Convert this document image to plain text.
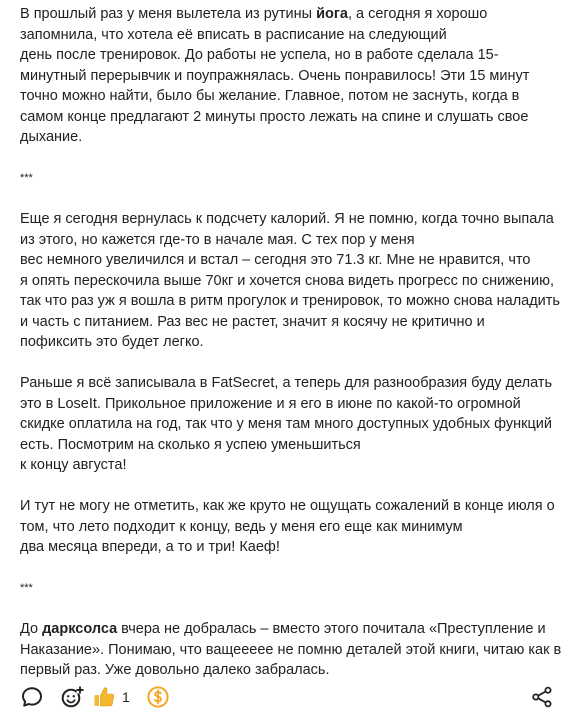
В прошлый раз у меня вылетела из рутины йога, а сегодня я хорошо
запомнила, что хотела её вписать в расписание на следующий
день после тренировок. До работы не успела, но в работе сделала 15-
минутный перерывчик и поупражнялась. Очень понравилось! Эти 15 минут
точно можно найти, было бы желание. Главное, потом не заснуть, когда в
самом конце предлагают 2 минуты просто лежать на спине и слушать свое
дыхание.

***

Еще я сегодня вернулась к подсчету калорий. Я не помню, когда точно выпала
из этого, но кажется где-то в начале мая. С тех пор у меня
вес немного увеличился и встал – сегодня это 71.3 кг. Мне не нравится, что
я опять перескочила выше 70кг и хочется снова видеть прогресс по снижению,
так что раз уж я вошла в ритм прогулок и тренировок, то можно снова наладить
и часть с питанием. Раз вес не растет, значит я косячу не критично и
пофиксить это будет легко.

Раньше я всё записывала в FatSecret, а теперь для разнообразия буду делать
это в LoseIt. Прикольное приложение и я его в июне по какой-то огромной
скидке оплатила на год, так что у меня там много доступных удобных функций
есть. Посмотрим на сколько я успею уменьшиться
к концу августа!

И тут не могу не отметить, как же круто не ощущать сожалений в конце июля о
том, что лето подходит к концу, ведь у меня его еще как минимум
два месяца впереди, а то и три! Каеф!

***

До дарксолса вчера не добралась – вместо этого почитала «Преступление и
Наказание». Понимаю, что ващеееее не помню деталей этой книги, читаю как в
первый раз. Уже довольно далеко забралась.

1
